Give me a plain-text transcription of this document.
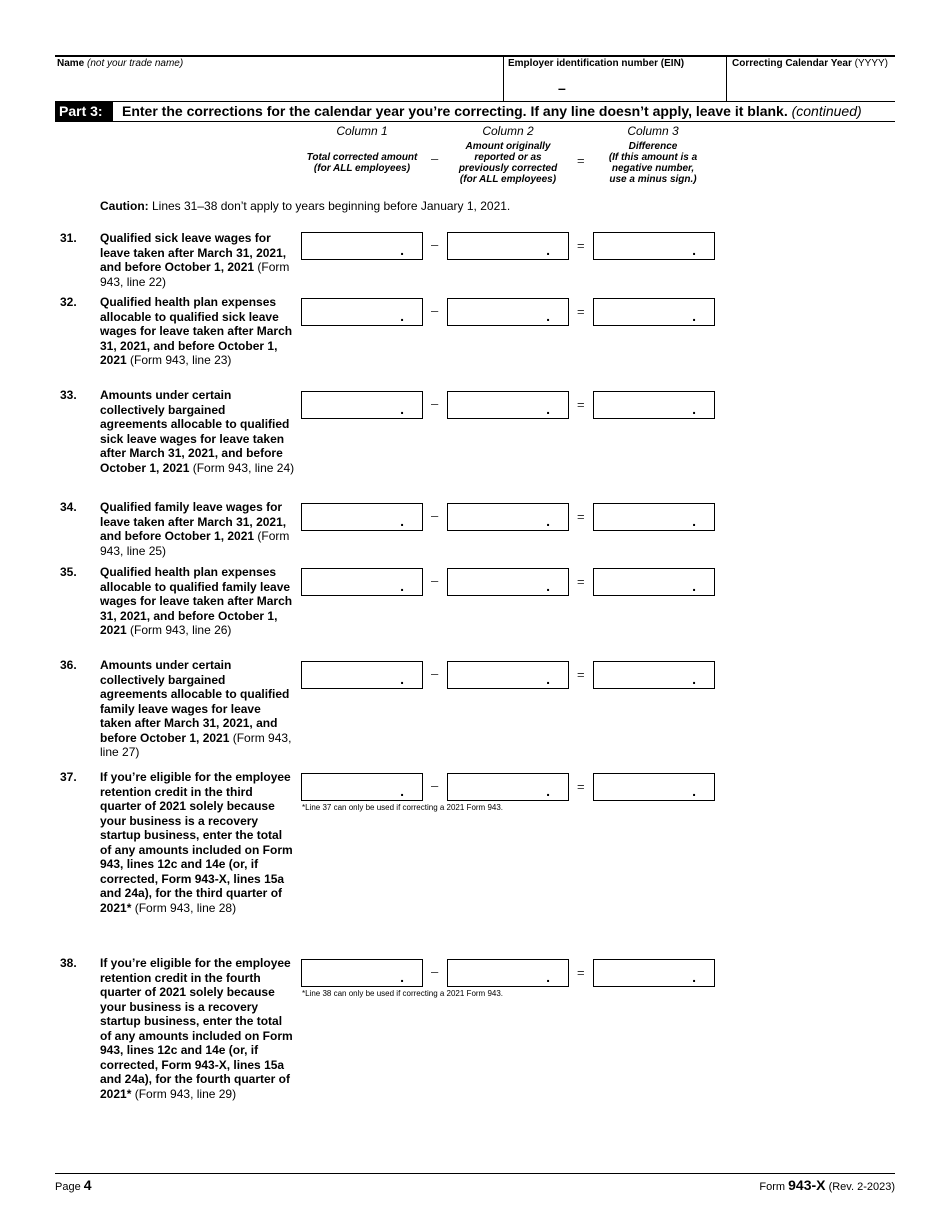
Name (not your trade name)	Employer identification number (EIN)
–
Correcting Calendar Year (YYYY)
Part 3:	Enter the corrections for the calendar year you’re correcting. If any line doesn’t apply, leave it blank. (continued)
Column 1	Column 2	Column 3
Total corrected amount
(for ALL employees)
Amount originally
reported or as
previously corrected
(for ALL employees)
Difference
(If this amount is a
negative number,
use a minus sign.)
–	=
Caution: Lines 31–38 don’t apply to years beginning before January 1, 2021.
31. Qualified sick leave wages for leave taken after March 31, 2021, and before October 1, 2021 (Form 943, line 22)
. –	. =	.
32. Qualified health plan expenses allocable to qualified sick leave wages for leave taken after March 31, 2021, and before October 1, 2021 (Form 943, line 23)
. –	. =	.
33. Amounts under certain collectively bargained agreements allocable to qualified sick leave wages for leave taken after March 31, 2021, and before October 1, 2021 (Form 943, line 24)
. –	. =	.
34. Qualified family leave wages for leave taken after March 31, 2021, and before October 1, 2021 (Form 943, line 25)
. –	. =	.
35. Qualified health plan expenses allocable to qualified family leave wages for leave taken after March 31, 2021, and before October 1, 2021 (Form 943, line 26)
. –	. =	.
36. Amounts under certain collectively bargained agreements allocable to qualified family leave wages for leave taken after March 31, 2021, and before October 1, 2021 (Form 943, line 27)
. –	. =	.
37. If you’re eligible for the employee retention credit in the third quarter of 2021 solely because your business is a recovery startup business, enter the total of any amounts included on Form 943, lines 12c and 14e (or, if corrected, Form 943-X, lines 15a and 24a), for the third quarter of 2021* (Form 943, line 28)
. –	. =	.
*Line 37 can only be used if correcting a 2021 Form 943.
38. If you’re eligible for the employee retention credit in the fourth quarter of 2021 solely because your business is a recovery startup business, enter the total of any amounts included on Form 943, lines 12c and 14e (or, if corrected, Form 943-X, lines 15a and 24a), for the fourth quarter of 2021* (Form 943, line 29)
. –	. =	.
*Line 38 can only be used if correcting a 2021 Form 943.
Page 4	Form 943-X (Rev. 2-2023)
